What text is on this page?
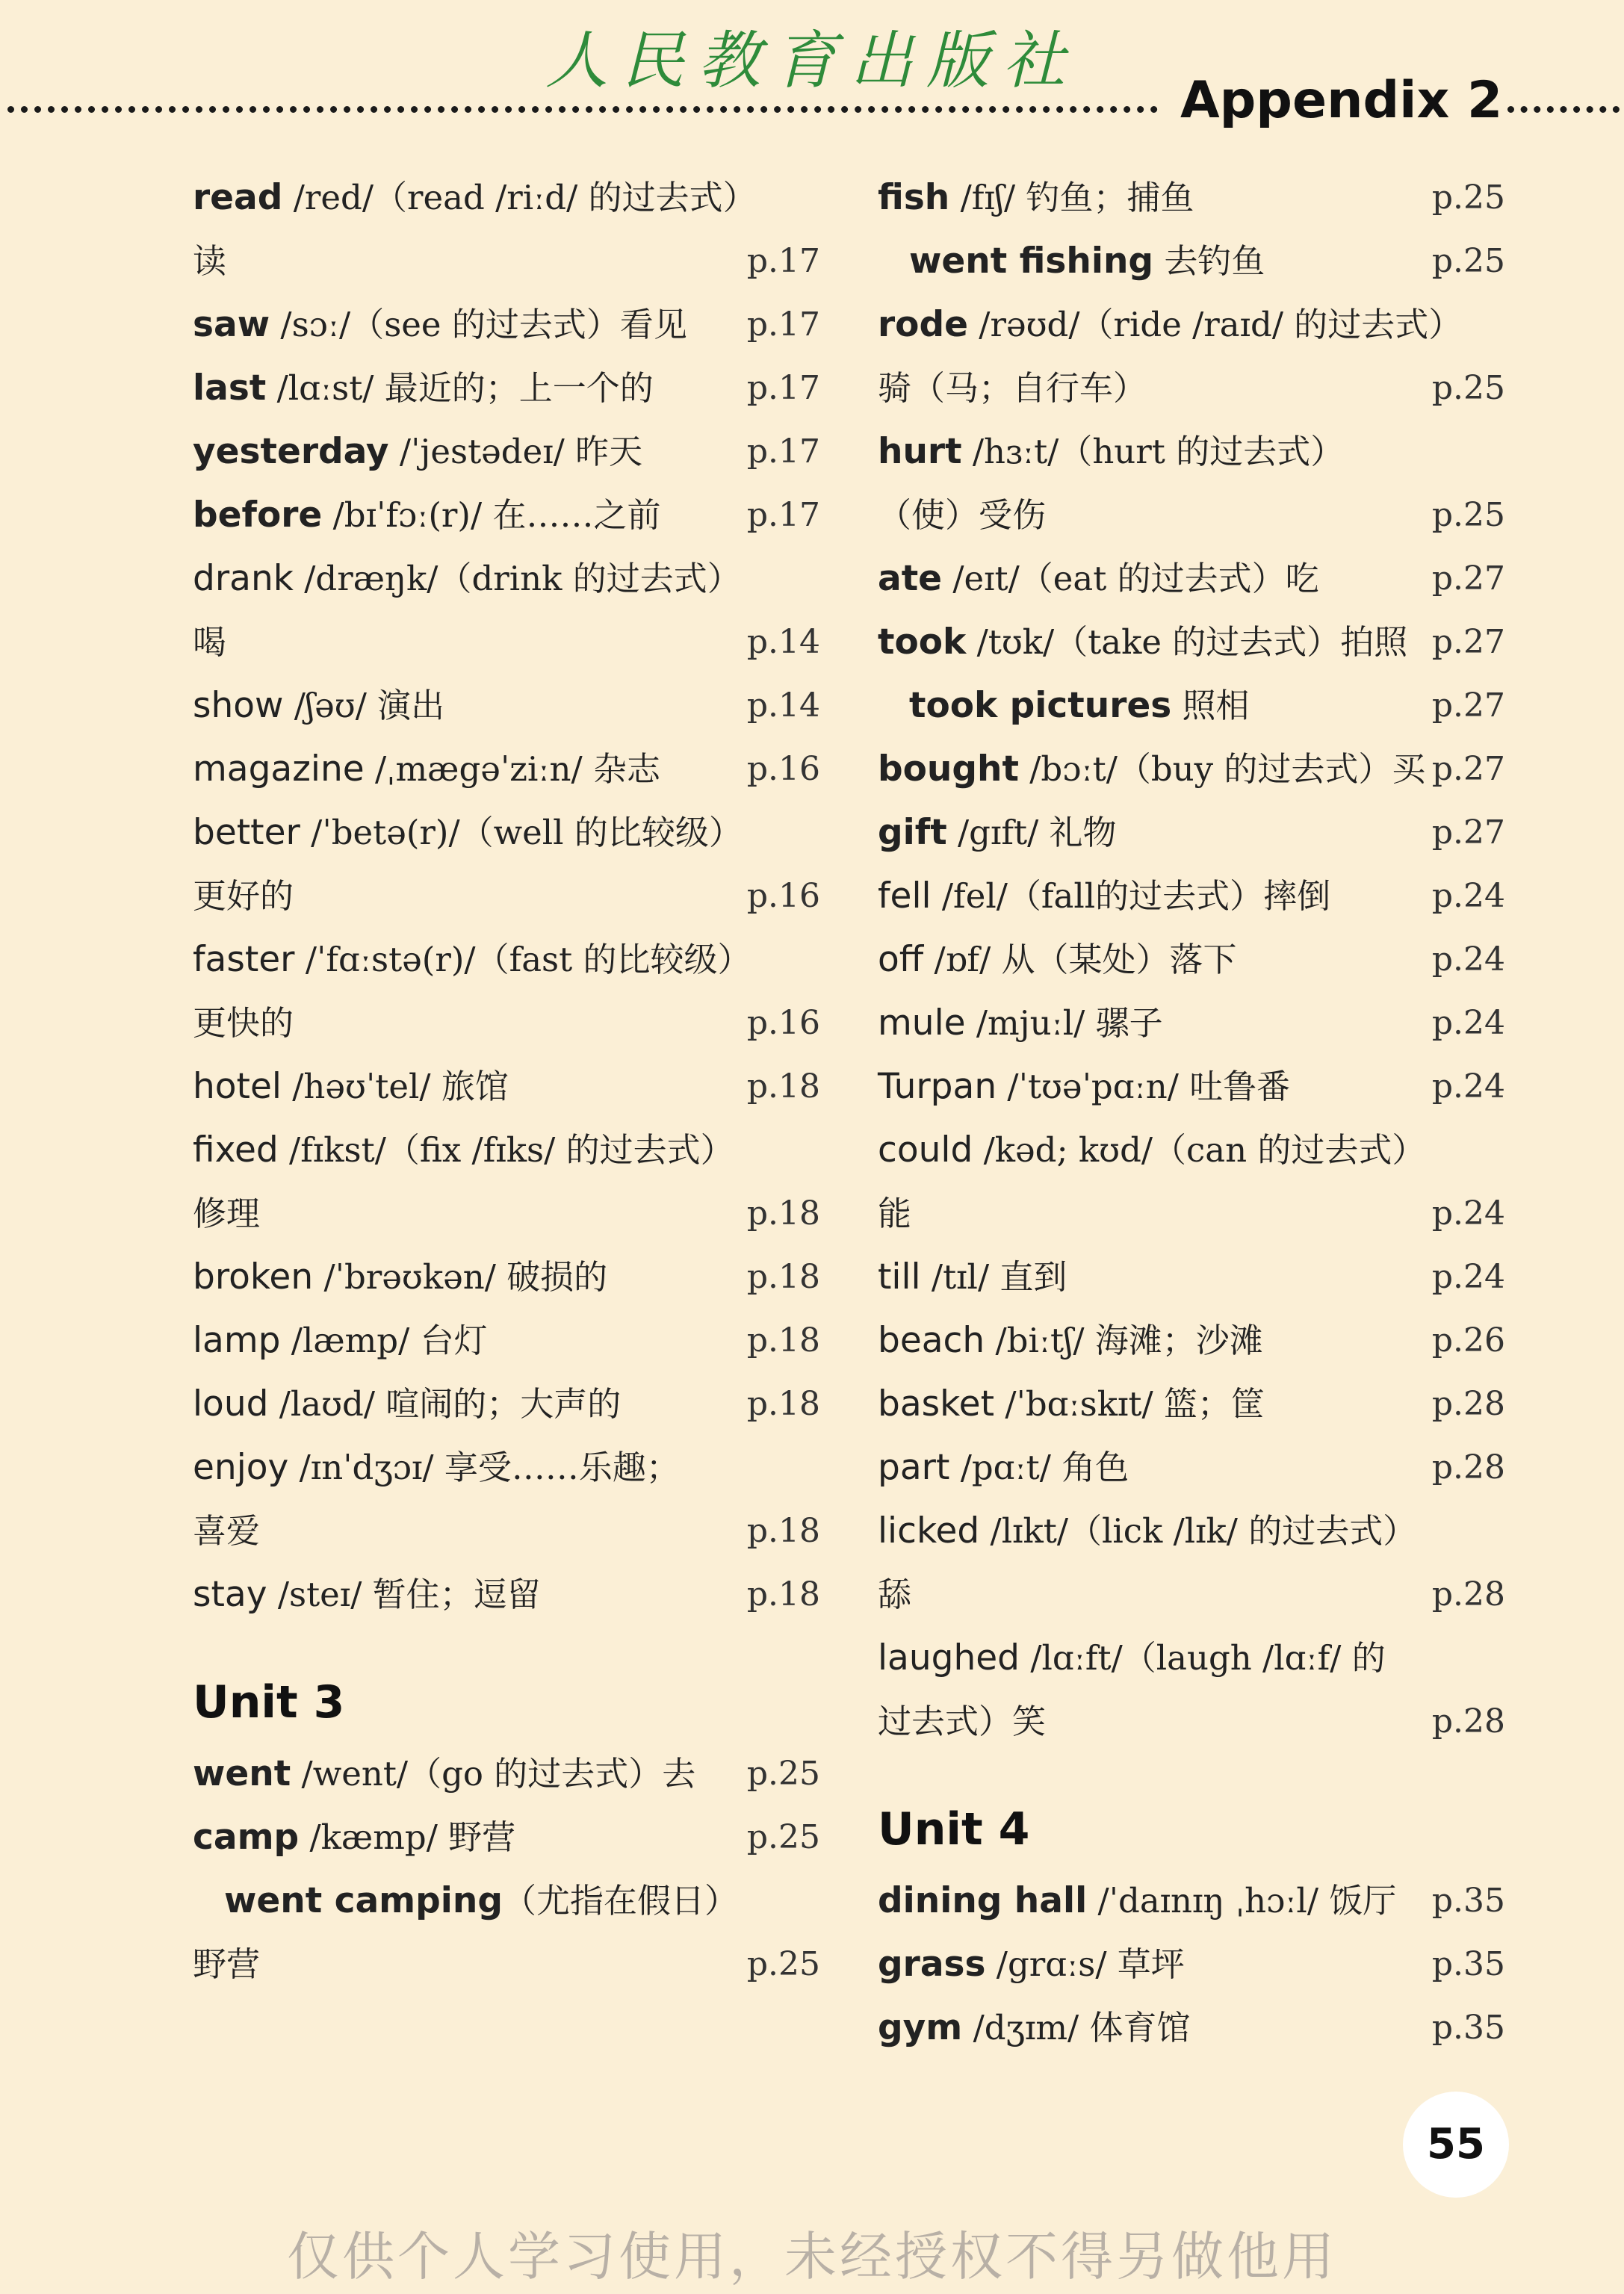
人民教育出版社
Appendix 2
read /red/（read /riːd/ 的过去式）
读	p.17
saw /sɔː/（see 的过去式）看见 p.17
last /lɑːst/ 最近的；上一个的	p.17
yesterday /ˈjestədeɪ/ 昨天	p.17
before /bɪˈfɔː(r)/ 在……之前	p.17
drank /dræŋk/（drink 的过去式）
喝	p.14
show /ʃəʊ/ 演出	p.14
magazine /ˌmægəˈziːn/ 杂志	p.16
better /ˈbetə(r)/（well 的比较级）
更好的	p.16
faster /ˈfɑːstə(r)/（fast 的比较级）
更快的	p.16
hotel /həʊˈtel/ 旅馆	p.18
fixed /fɪkst/（fix /fɪks/ 的过去式）
修理	p.18
broken /ˈbrəʊkən/ 破损的	p.18
lamp /læmp/ 台灯	p.18
loud /laʊd/ 喧闹的；大声的	p.18
enjoy /ɪnˈdʒɔɪ/ 享受……乐趣；
喜爱	p.18
stay /steɪ/ 暂住；逗留	p.18
Unit 3
went /went/（go 的过去式）去 p.25
camp /kæmp/ 野营	p.25
went camping（尤指在假日）
野营	p.25
fish /fɪʃ/ 钓鱼；捕鱼	p.25
went fishing 去钓鱼	p.25
rode /rəʊd/（ride /raɪd/ 的过去式）
骑（马；自行车）	p.25
hurt /hɜːt/（hurt 的过去式）
（使）受伤	p.25
ate /eɪt/（eat 的过去式）吃	p.27
took /tʊk/（take 的过去式）拍照 p.27
took pictures 照相	p.27
bought /bɔːt/（buy 的过去式）买 p.27
gift /gɪft/ 礼物	p.27
fell /fel/（fall的过去式）摔倒	p.24
off /ɒf/ 从（某处）落下	p.24
mule /mjuːl/ 骡子	p.24
Turpan /ˈtʊəˈpɑːn/ 吐鲁番	p.24
could /kəd; kʊd/（can 的过去式）
能	p.24
till /tɪl/ 直到	p.24
beach /biːtʃ/ 海滩；沙滩	p.26
basket /ˈbɑːskɪt/ 篮；筐	p.28
part /pɑːt/ 角色	p.28
licked /lɪkt/（lick /lɪk/ 的过去式）
舔	p.28
laughed /lɑːft/（laugh /lɑːf/ 的
过去式）笑	p.28
Unit 4
dining hall /ˈdaɪnɪŋ ˌhɔːl/ 饭厅 p.35
grass /grɑːs/ 草坪	p.35
gym /dʒɪm/ 体育馆	p.35
55
仅供个人学习使用，未经授权不得另做他用
